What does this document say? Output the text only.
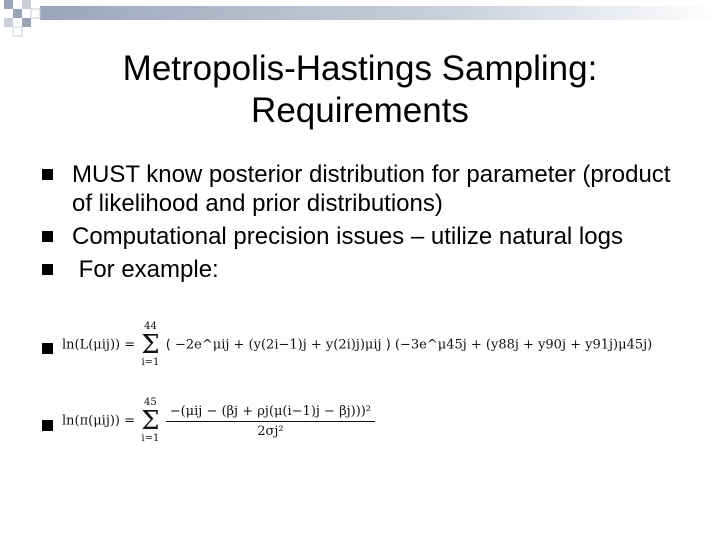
Metropolis-Hastings Sampling: Requirements
MUST know posterior distribution for parameter (product of likelihood and prior distributions)
Computational precision issues – utilize natural logs
For example:
ln(L(μij)) =
44
Σ
i=1
( −2e^μij + (y(2i−1)j + y(2i)j)μij ) (−3e^μ45j + (y88j + y90j + y91j)μ45j)
ln(π(μij)) =
45
Σ
i=1
$\frac{\text{−(μij − (βj + ρj(μ(i−1)j − βj)))²}}{\text{2σj²}}$
